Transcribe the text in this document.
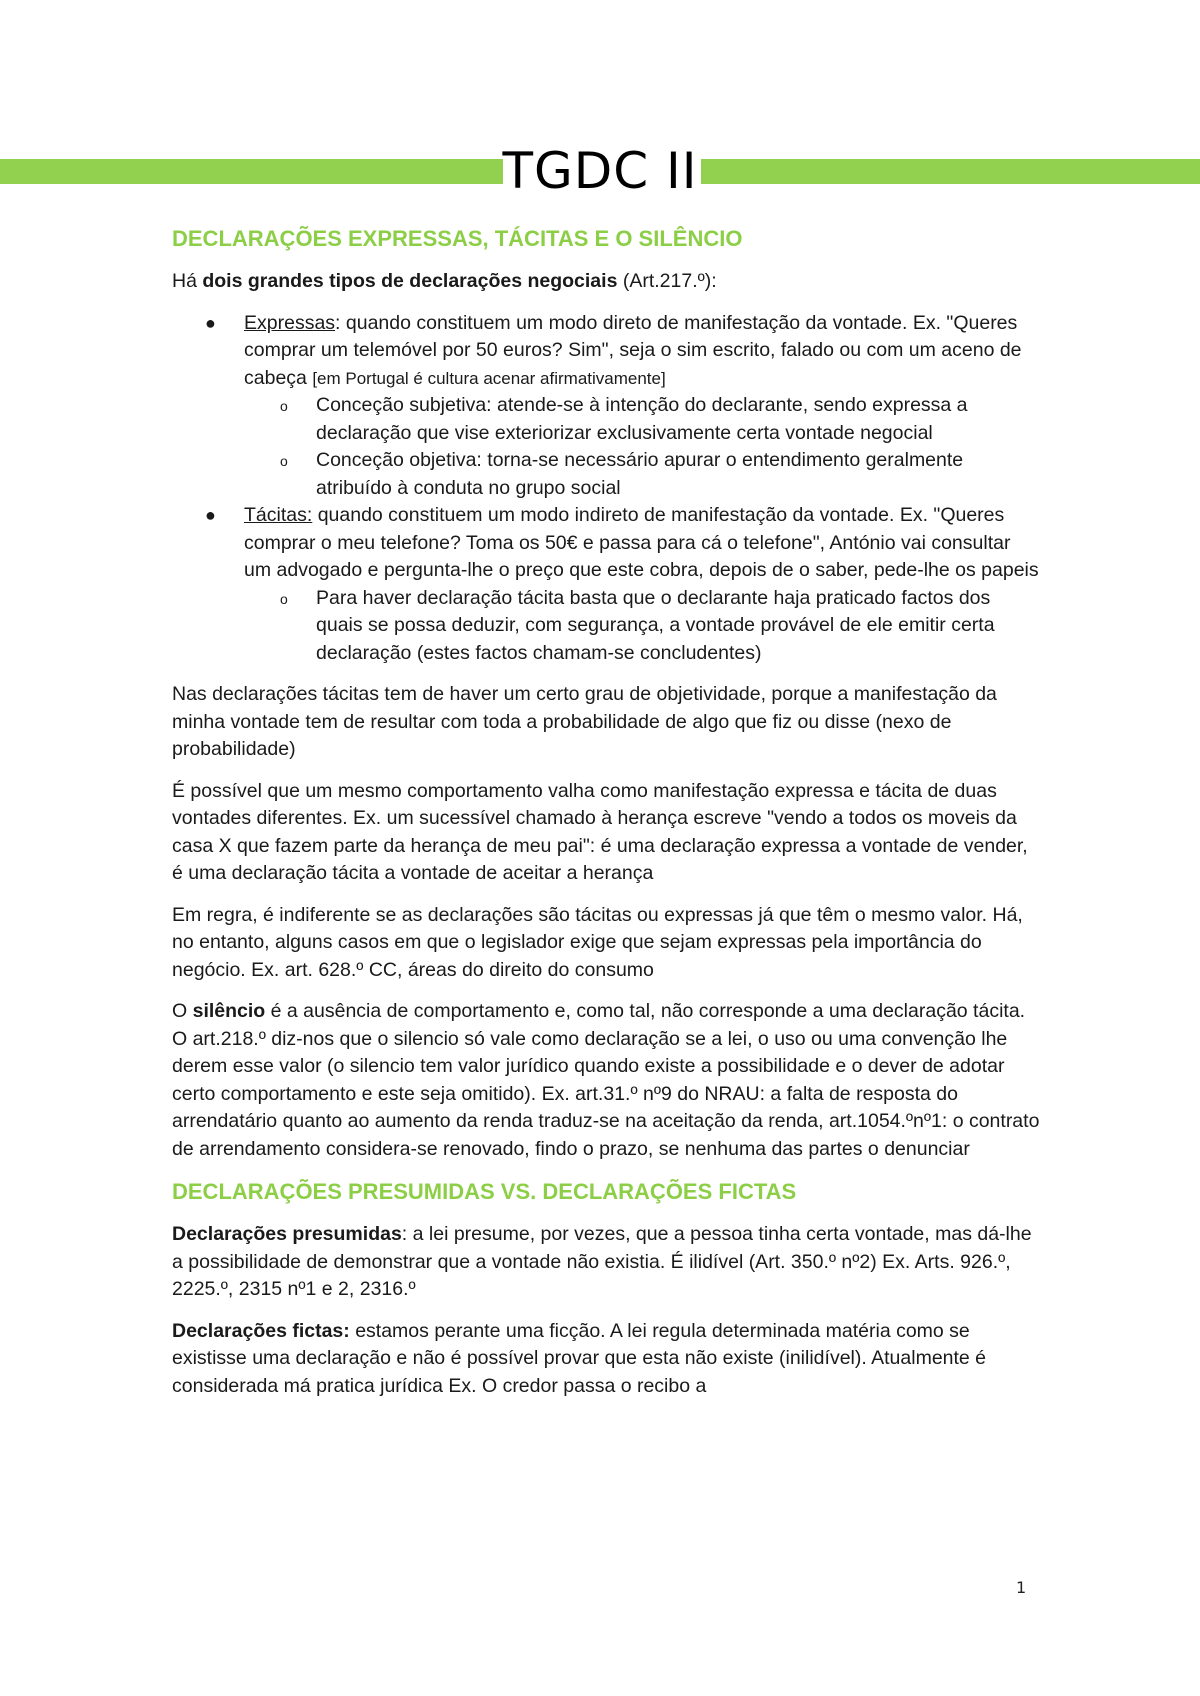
TGDC II
DECLARAÇÕES EXPRESSAS, TÁCITAS E O SILÊNCIO

Há dois grandes tipos de declarações negociais (Art.217.º):

● Expressas: quando constituem um modo direto de manifestação da vontade. Ex. "Queres comprar um telemóvel por 50 euros? Sim", seja o sim escrito, falado ou com um aceno de cabeça [em Portugal é cultura acenar afirmativamente]
o Conceção subjetiva: atende-se à intenção do declarante, sendo expressa a declaração que vise exteriorizar exclusivamente certa vontade negocial
o Conceção objetiva: torna-se necessário apurar o entendimento geralmente atribuído à conduta no grupo social
● Tácitas: quando constituem um modo indireto de manifestação da vontade. Ex. "Queres comprar o meu telefone? Toma os 50€ e passa para cá o telefone", António vai consultar um advogado e pergunta-lhe o preço que este cobra, depois de o saber, pede-lhe os papeis
o Para haver declaração tácita basta que o declarante haja praticado factos dos quais se possa deduzir, com segurança, a vontade provável de ele emitir certa declaração (estes factos chamam-se concludentes)

Nas declarações tácitas tem de haver um certo grau de objetividade, porque a manifestação da minha vontade tem de resultar com toda a probabilidade de algo que fiz ou disse (nexo de probabilidade)

É possível que um mesmo comportamento valha como manifestação expressa e tácita de duas vontades diferentes. Ex. um sucessível chamado à herança escreve "vendo a todos os moveis da casa X que fazem parte da herança de meu pai": é uma declaração expressa a vontade de vender, é uma declaração tácita a vontade de aceitar a herança

Em regra, é indiferente se as declarações são tácitas ou expressas já que têm o mesmo valor. Há, no entanto, alguns casos em que o legislador exige que sejam expressas pela importância do negócio. Ex. art. 628.º CC, áreas do direito do consumo

O silêncio é a ausência de comportamento e, como tal, não corresponde a uma declaração tácita. O art.218.º diz-nos que o silencio só vale como declaração se a lei, o uso ou uma convenção lhe derem esse valor (o silencio tem valor jurídico quando existe a possibilidade e o dever de adotar certo comportamento e este seja omitido). Ex. art.31.º nº9 do NRAU: a falta de resposta do arrendatário quanto ao aumento da renda traduz-se na aceitação da renda, art.1054.ºnº1: o contrato de arrendamento considera-se renovado, findo o prazo, se nenhuma das partes o denunciar

DECLARAÇÕES PRESUMIDAS VS. DECLARAÇÕES FICTAS

Declarações presumidas: a lei presume, por vezes, que a pessoa tinha certa vontade, mas dá-lhe a possibilidade de demonstrar que a vontade não existia. É ilidível (Art. 350.º nº2) Ex. Arts. 926.º, 2225.º, 2315 nº1 e 2, 2316.º

Declarações fictas: estamos perante uma ficção. A lei regula determinada matéria como se existisse uma declaração e não é possível provar que esta não existe (inilidível). Atualmente é considerada má pratica jurídica Ex. O credor passa o recibo a

1
